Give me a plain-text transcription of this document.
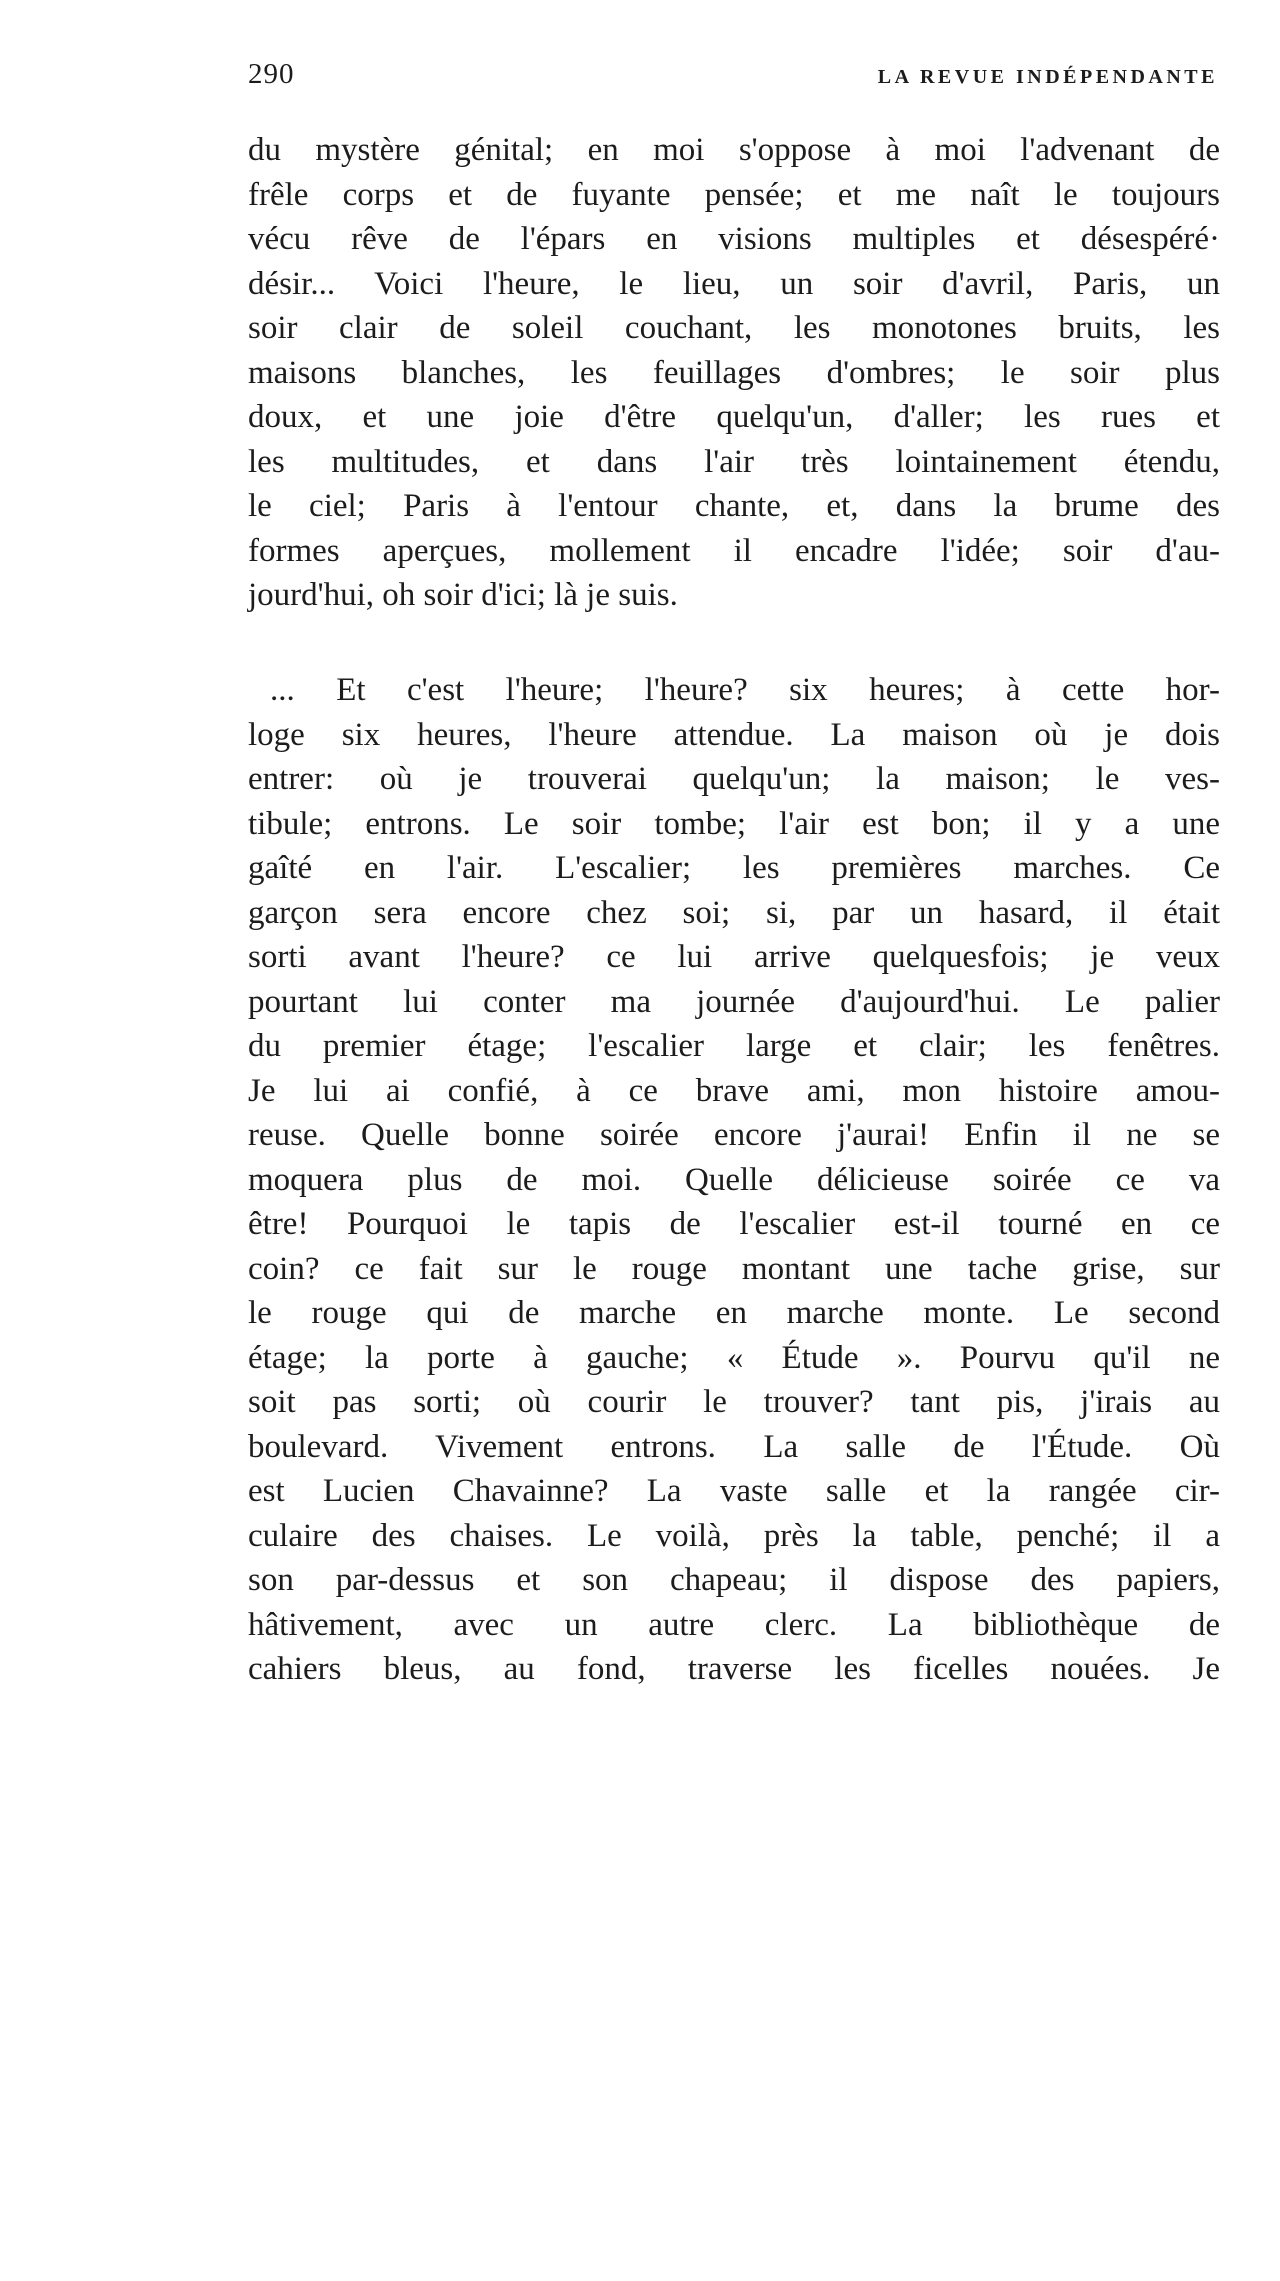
290	LA REVUE INDÉPENDANTE
du mystère génital; en moi s'oppose à moi l'advenant de
frêle corps et de fuyante pensée; et me naît le toujours
vécu rêve de l'épars en visions multiples et désespéré·
désir... Voici l'heure, le lieu, un soir d'avril, Paris, un
soir clair de soleil couchant, les monotones bruits, les
maisons blanches, les feuillages d'ombres; le soir plus
doux, et une joie d'être quelqu'un, d'aller; les rues et
les multitudes, et dans l'air très lointainement étendu,
le ciel; Paris à l'entour chante, et, dans la brume des
formes aperçues, mollement il encadre l'idée; soir d'au-
jourd'hui, oh soir d'ici; là je suis.
... Et c'est l'heure; l'heure? six heures; à cette hor-
loge six heures, l'heure attendue. La maison où je dois
entrer: où je trouverai quelqu'un; la maison; le ves-
tibule; entrons. Le soir tombe; l'air est bon; il y a une
gaîté en l'air. L'escalier; les premières marches. Ce
garçon sera encore chez soi; si, par un hasard, il était
sorti avant l'heure? ce lui arrive quelquesfois; je veux
pourtant lui conter ma journée d'aujourd'hui. Le palier
du premier étage; l'escalier large et clair; les fenêtres.
Je lui ai confié, à ce brave ami, mon histoire amou-
reuse. Quelle bonne soirée encore j'aurai! Enfin il ne se
moquera plus de moi. Quelle délicieuse soirée ce va
être! Pourquoi le tapis de l'escalier est-il tourné en ce
coin? ce fait sur le rouge montant une tache grise, sur
le rouge qui de marche en marche monte. Le second
étage; la porte à gauche; « Étude ». Pourvu qu'il ne
soit pas sorti; où courir le trouver? tant pis, j'irais au
boulevard. Vivement entrons. La salle de l'Étude. Où
est Lucien Chavainne? La vaste salle et la rangée cir-
culaire des chaises. Le voilà, près la table, penché; il a
son par-dessus et son chapeau; il dispose des papiers,
hâtivement, avec un autre clerc. La bibliothèque de
cahiers bleus, au fond, traverse les ficelles nouées. Je
